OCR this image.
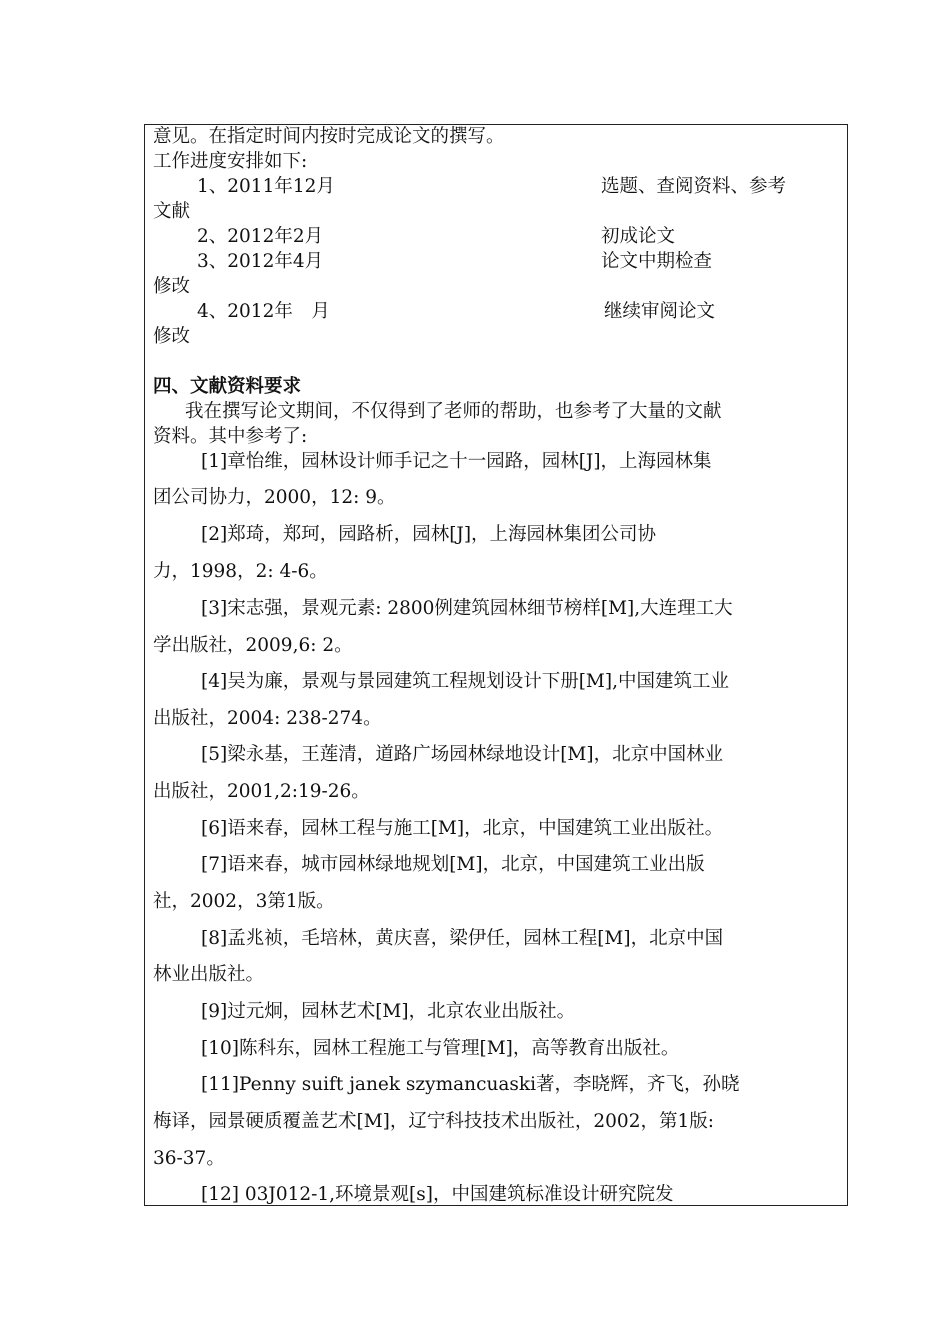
意见。在指定时间内按时完成论文的撰写。
工作进度安排如下:
1、2011年12月	选题、查阅资料、参考
文献
2、2012年2月	初成论文
3、2012年4月	论文中期检查
修改
4、2012年　月	继续审阅论文
修改
四、文献资料要求
我在撰写论文期间，不仅得到了老师的帮助，也参考了大量的文献
资料。其中参考了:
[1]章怡维，园林设计师手记之十一园路，园林[J]，上海园林集
团公司协力，2000，12: 9。
[2]郑琦，郑珂，园路析，园林[J]，上海园林集团公司协
力，1998，2: 4-6。
[3]宋志强，景观元素: 2800例建筑园林细节榜样[M],大连理工大
学出版社，2009,6: 2。
[4]吴为廉，景观与景园建筑工程规划设计下册[M],中国建筑工业
出版社，2004: 238-274。
[5]梁永基，王莲清，道路广场园林绿地设计[M]，北京中国林业
出版社，2001,2:19-26。
[6]语来春，园林工程与施工[M]，北京，中国建筑工业出版社。
[7]语来春，城市园林绿地规划[M]，北京，中国建筑工业出版
社，2002，3第1版。
[8]孟兆祯，毛培林，黄庆喜，梁伊任，园林工程[M]，北京中国
林业出版社。
[9]过元炯，园林艺术[M]，北京农业出版社。
[10]陈科东，园林工程施工与管理[M]，高等教育出版社。
[11]Penny suift janek szymancuaski著，李晓辉，齐飞，孙晓
梅译，园景硬质覆盖艺术[M]，辽宁科技技术出版社，2002，第1版:
36-37。
[12] 03J012-1,环境景观[s]，中国建筑标准设计研究院发
